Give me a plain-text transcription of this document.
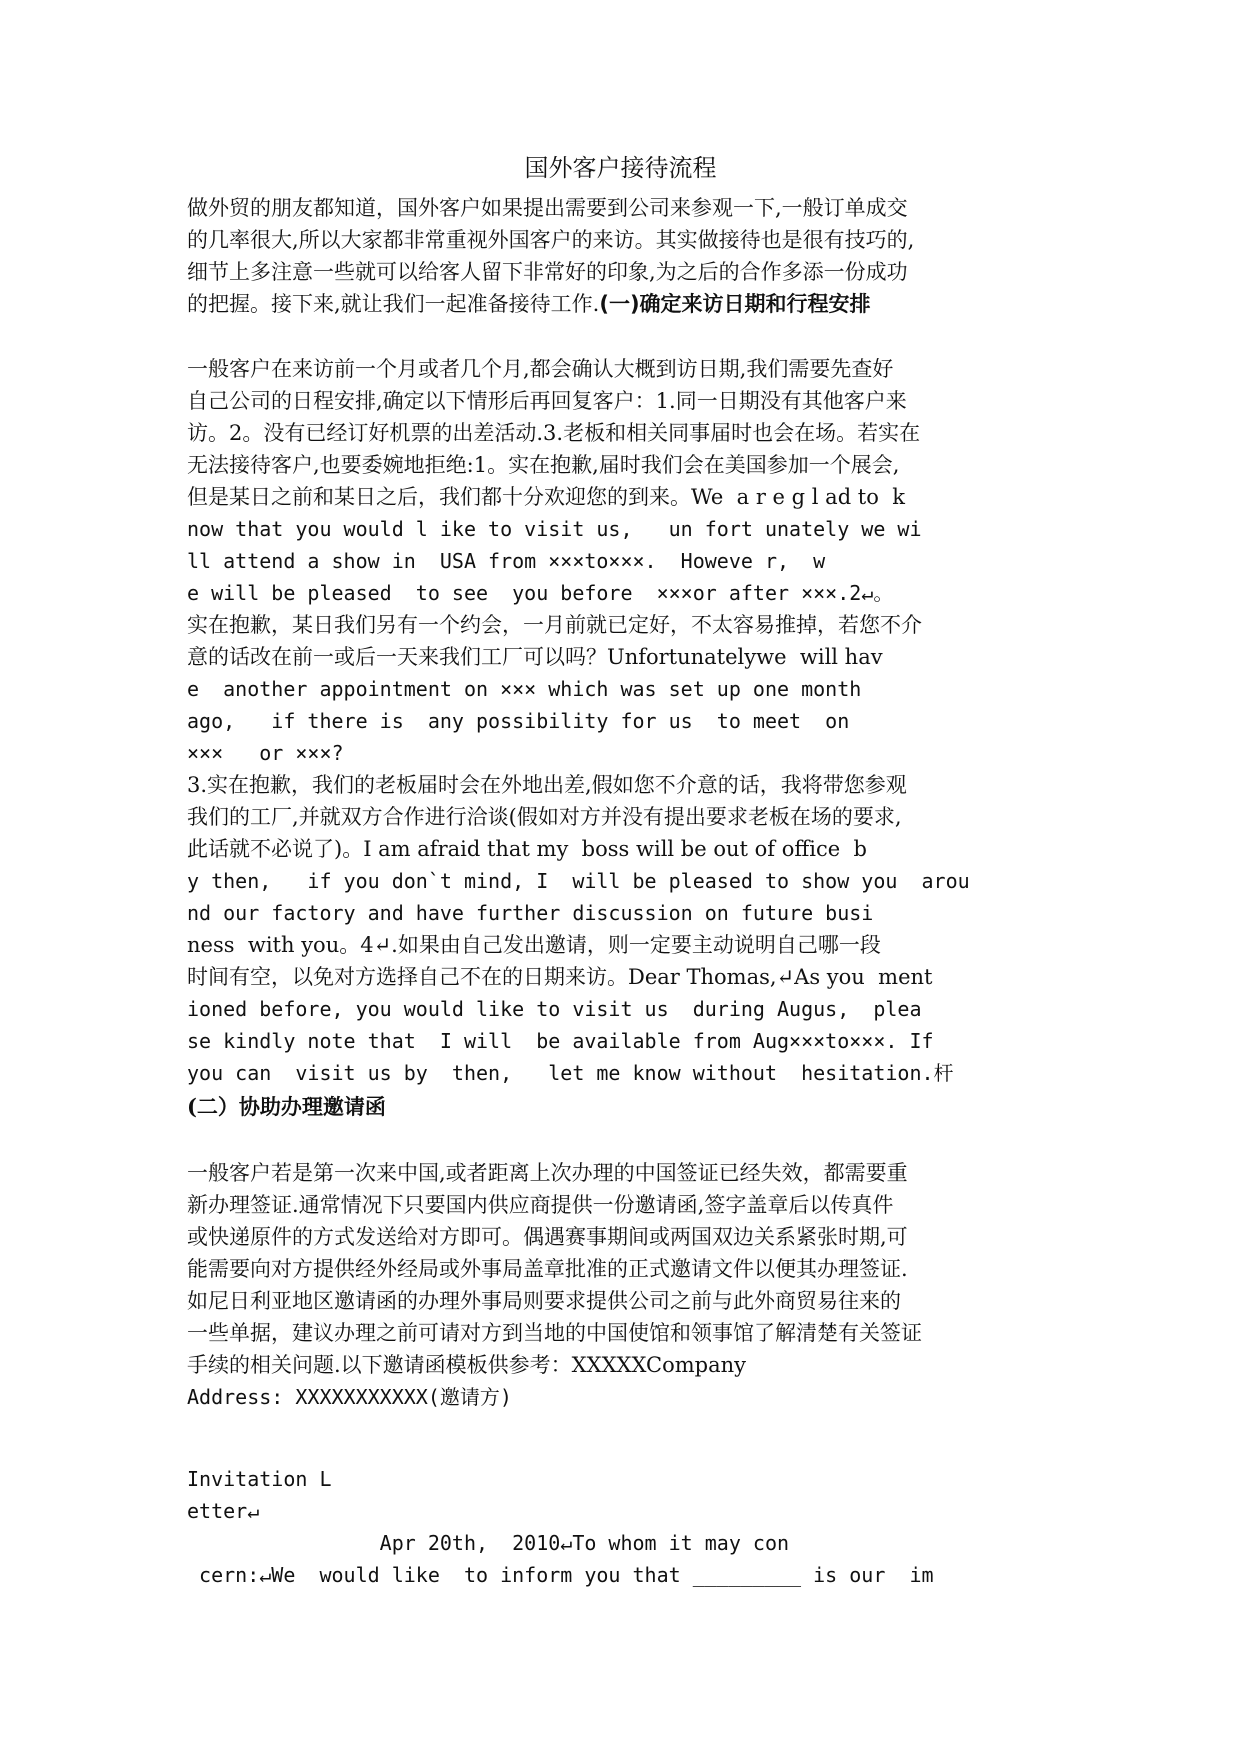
国外客户接待流程

做外贸的朋友都知道，国外客户如果提出需要到公司来参观一下,一般订单成交

的几率很大,所以大家都非常重视外国客户的来访。其实做接待也是很有技巧的,

细节上多注意一些就可以给客人留下非常好的印象,为之后的合作多添一份成功

的把握。接下来,就让我们一起准备接待工作.(一)确定来访日期和行程安排

一般客户在来访前一个月或者几个月,都会确认大概到访日期,我们需要先查好

自己公司的日程安排,确定以下情形后再回复客户：1.同一日期没有其他客户来

访。2。没有已经订好机票的出差活动.3.老板和相关同事届时也会在场。若实在

无法接待客户,也要委婉地拒绝:1。实在抱歉,届时我们会在美国参加一个展会,

但是某日之前和某日之后，我们都十分欢迎您的到来。We  a r e g l ad to  k

now that you would l ike to visit us,   un fort unately we wi

ll attend a show in  USA from ×××to×××.  Howeve r,  w

e will be pleased  to see  you before  ×××or after ×××.2↵。

实在抱歉，某日我们另有一个约会，一月前就已定好，不太容易推掉，若您不介

意的话改在前一或后一天来我们工厂可以吗？Unfortunatelywe  will hav

e  another appointment on ××× which was set up one month

ago,   if there is  any possibility for us  to meet  on

×××   or ×××?

3.实在抱歉，我们的老板届时会在外地出差,假如您不介意的话，我将带您参观

我们的工厂,并就双方合作进行洽谈(假如对方并没有提出要求老板在场的要求,

此话就不必说了)。I am afraid that my  boss will be out of office  b

y then,   if you don`t mind, I  will be pleased to show you  arou

nd our factory and have further discussion on future busi

ness  with you。4↵.如果由自己发出邀请，则一定要主动说明自己哪一段

时间有空，以免对方选择自己不在的日期来访。Dear Thomas,↵As you  ment

ioned before, you would like to visit us  during Augus,  plea

se kindly note that  I will  be available from Aug×××to×××. If

you can  visit us by  then,   let me know without  hesitation.杆

(二）协助办理邀请函

一般客户若是第一次来中国,或者距离上次办理的中国签证已经失效，都需要重

新办理签证.通常情况下只要国内供应商提供一份邀请函,签字盖章后以传真件

或快递原件的方式发送给对方即可。偶遇赛事期间或两国双边关系紧张时期,可

能需要向对方提供经外经局或外事局盖章批准的正式邀请文件以便其办理签证.

如尼日利亚地区邀请函的办理外事局则要求提供公司之前与此外商贸易往来的

一些单据，建议办理之前可请对方到当地的中国使馆和领事馆了解清楚有关签证

手续的相关问题.以下邀请函模板供参考：XXXXXCompany

Address: XXXXXXXXXXX(邀请方)

Invitation L

etter↵

Apr 20th,  2010↵To whom it may con

cern:↵We  would like  to inform you that _________ is our  im
